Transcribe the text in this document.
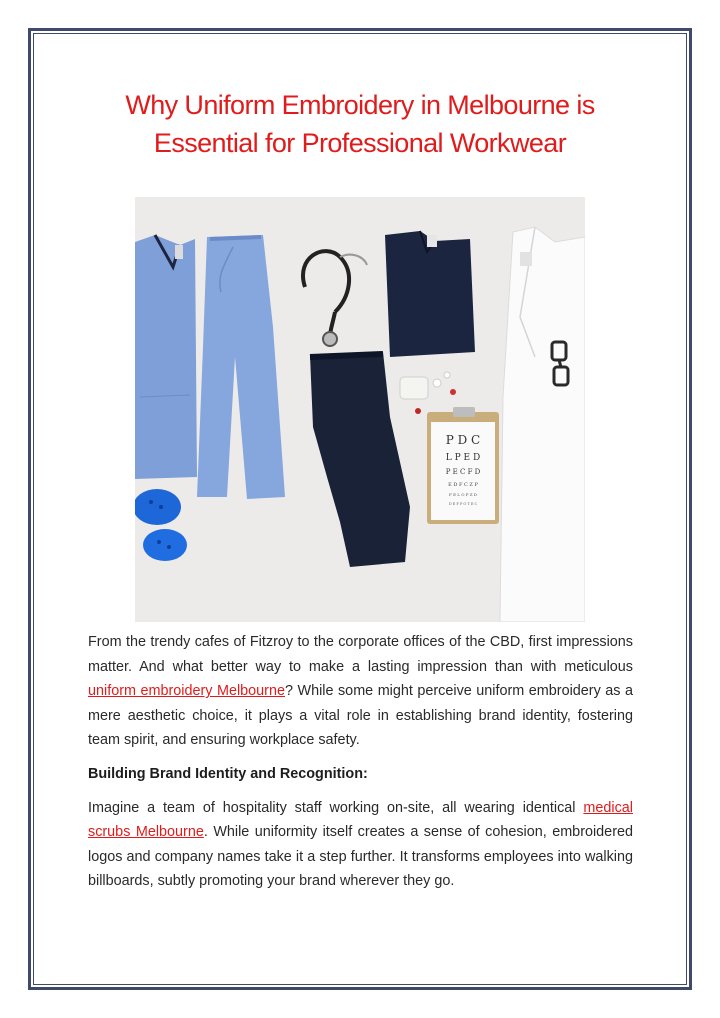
Why Uniform Embroidery in Melbourne is
Essential for Professional Workwear
P D C
L P E D
P E C F D
E D F C Z P
F E L O P Z D
D E F P O T E C

From the trendy cafes of Fitzroy to the corporate offices of the CBD, first impressions matter. And what better way to make a lasting impression than with meticulous uniform embroidery Melbourne? While some might perceive uniform embroidery as a mere aesthetic choice, it plays a vital role in establishing brand identity, fostering team spirit, and ensuring workplace safety.

Building Brand Identity and Recognition:

Imagine a team of hospitality staff working on-site, all wearing identical medical scrubs Melbourne. While uniformity itself creates a sense of cohesion, embroidered logos and company names take it a step further. It transforms employees into walking billboards, subtly promoting your brand wherever they go.
